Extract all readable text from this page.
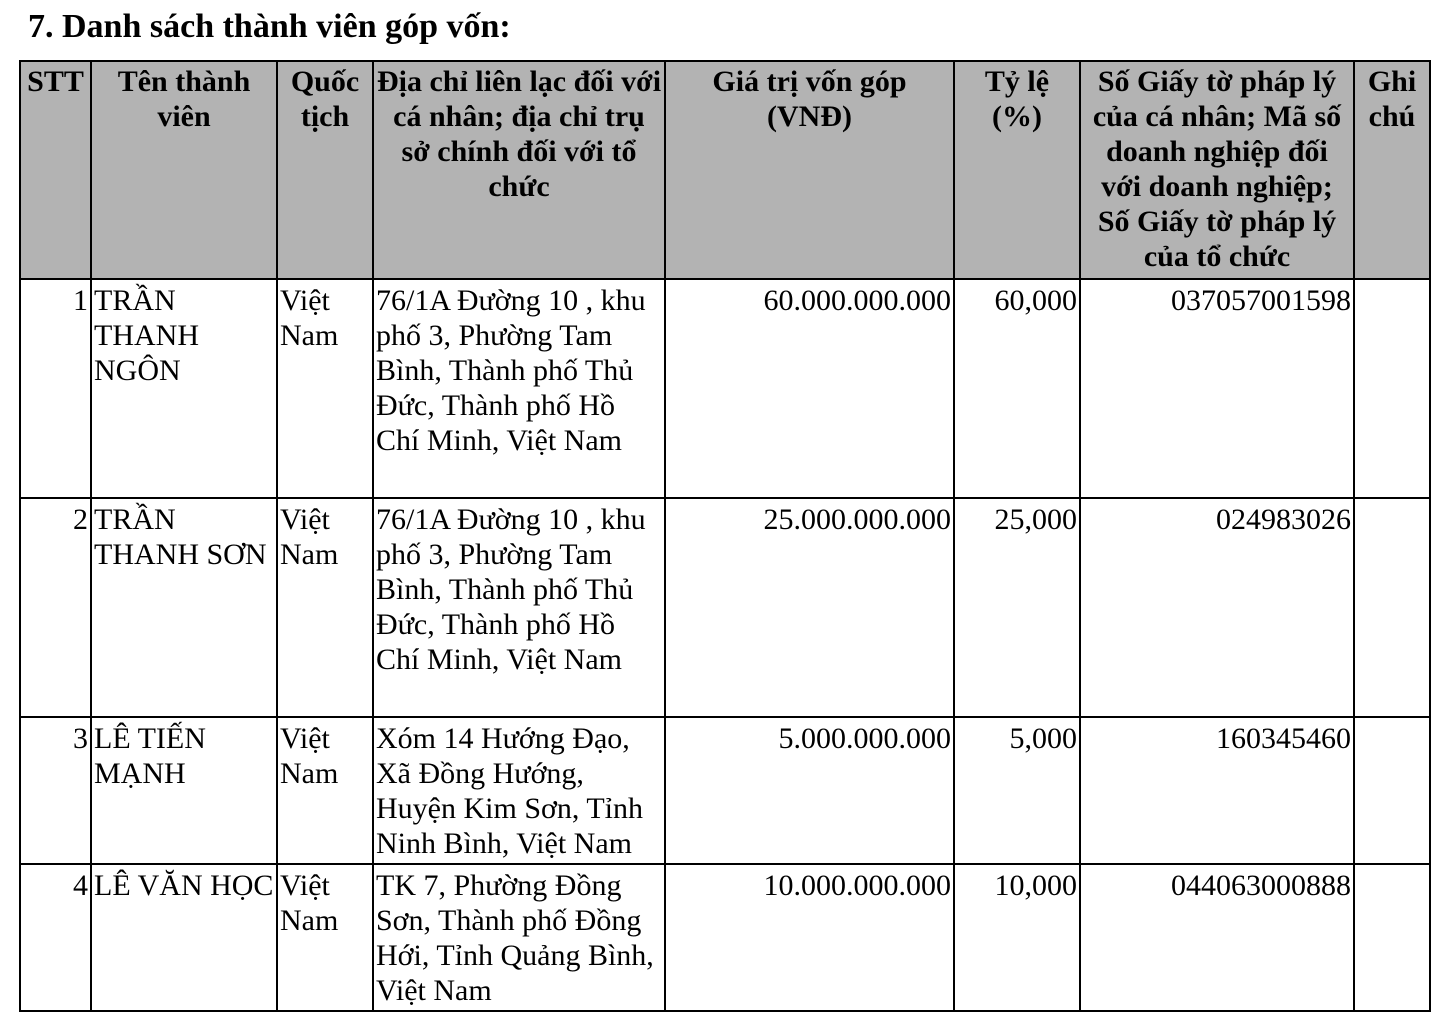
7. Danh sách thành viên góp vốn:
STT	Tên thành viên	Quốc tịch	Địa chỉ liên lạc đối với cá nhân; địa chỉ trụ sở chính đối với tổ chức	Giá trị vốn góp (VNĐ)	Tỷ lệ (%)	Số Giấy tờ pháp lý của cá nhân; Mã số doanh nghiệp đối với doanh nghiệp; Số Giấy tờ pháp lý của tổ chức	Ghi chú
1	TRẦN THANH NGÔN	Việt Nam	76/1A Đường 10 , khu phố 3, Phường Tam Bình, Thành phố Thủ Đức, Thành phố Hồ Chí Minh, Việt Nam	60.000.000.000	60,000	037057001598	
2	TRẦN THANH SƠN	Việt Nam	76/1A Đường 10 , khu phố 3, Phường Tam Bình, Thành phố Thủ Đức, Thành phố Hồ Chí Minh, Việt Nam	25.000.000.000	25,000	024983026	
3	LÊ TIẾN MẠNH	Việt Nam	Xóm 14 Hướng Đạo, Xã Đồng Hướng, Huyện Kim Sơn, Tỉnh Ninh Bình, Việt Nam	5.000.000.000	5,000	160345460	
4	LÊ VĂN HỌC	Việt Nam	TK 7, Phường Đồng Sơn, Thành phố Đồng Hới, Tỉnh Quảng Bình, Việt Nam	10.000.000.000	10,000	044063000888	
